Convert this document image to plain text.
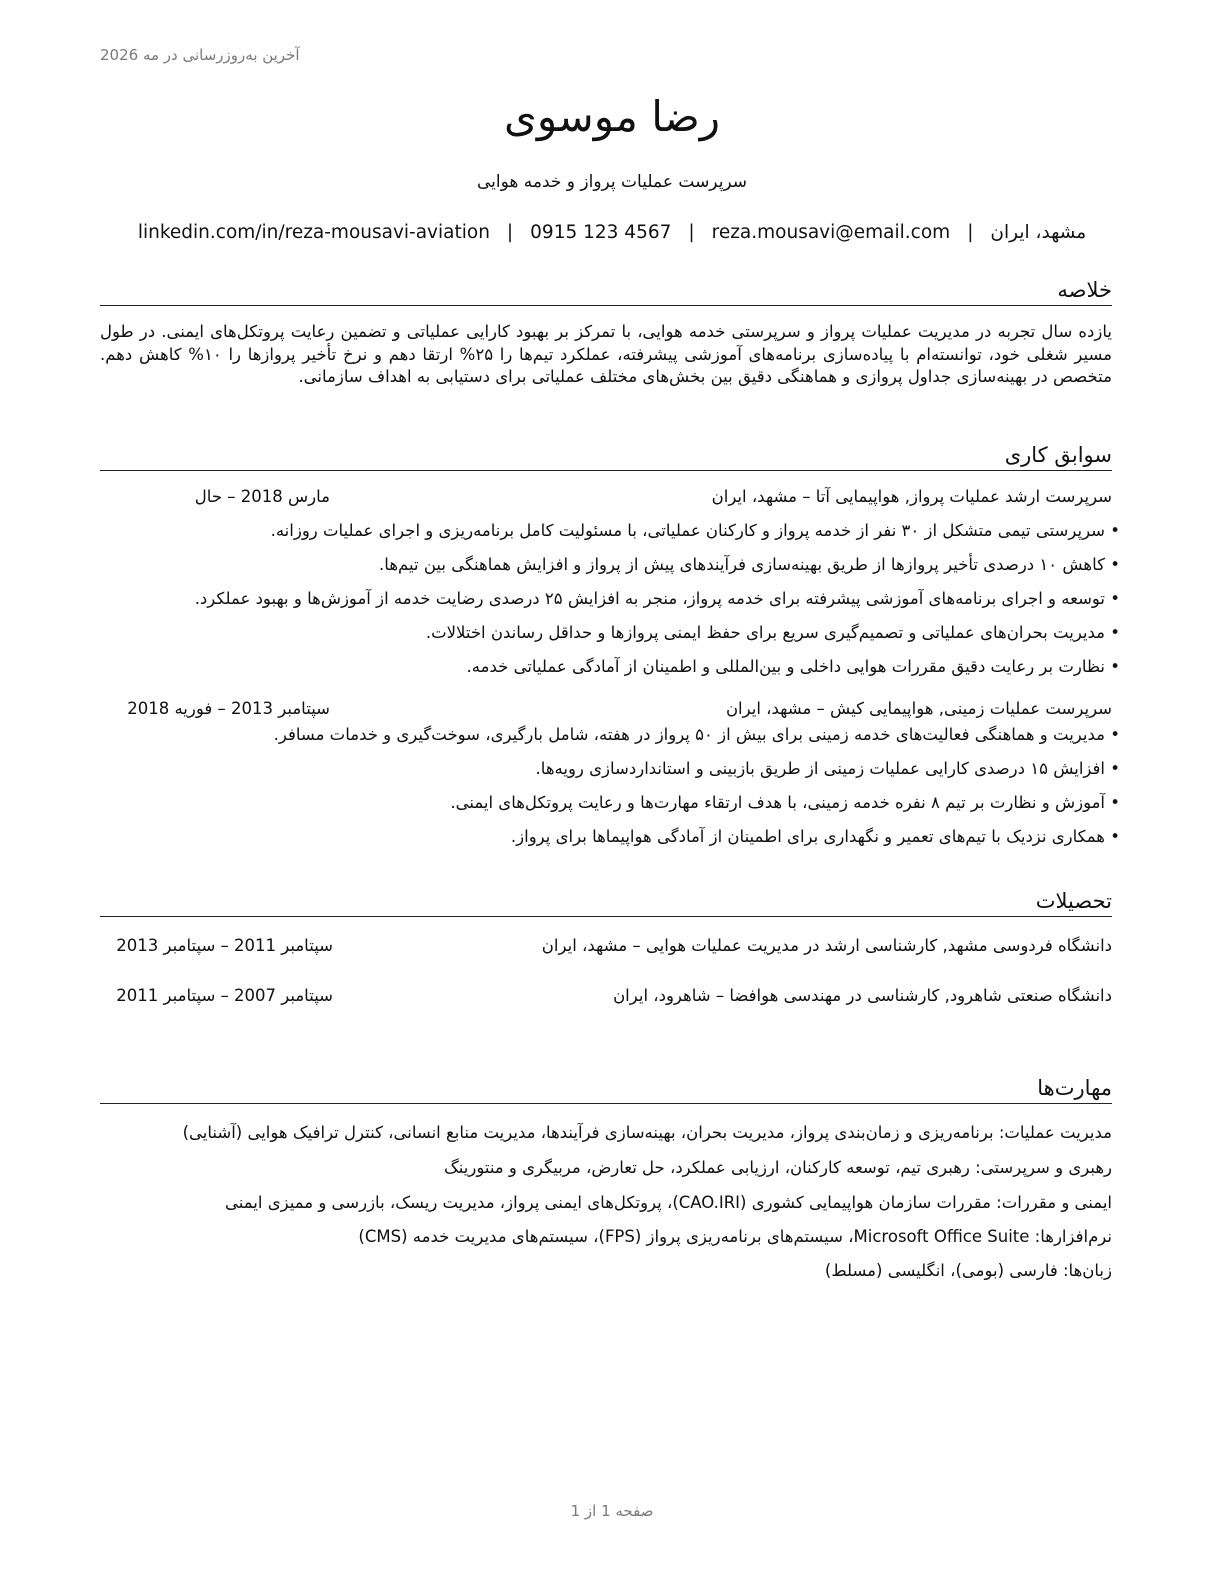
آخرین به‌روزرسانی در مه 2026
رضا موسوی
سرپرست عملیات پرواز و خدمه هوایی
مشهد، ایران
|
reza.mousavi@email.com
|
0915 123 4567
|
linkedin.com/in/reza-mousavi-aviation
خلاصه
یازده سال تجربه در مدیریت عملیات پرواز و سرپرستی خدمه هوایی، با تمرکز بر بهبود کارایی عملیاتی و تضمین رعایت پروتکل‌های ایمنی. در طول مسیر شغلی خود، توانسته‌ام با پیاده‌سازی برنامه‌های آموزشی پیشرفته، عملکرد تیم‌ها را ۲۵% ارتقا دهم و نرخ تأخیر پروازها را ۱۰% کاهش دهم. متخصص در بهینه‌سازی جداول پروازی و هماهنگی دقیق بین بخش‌های مختلف عملیاتی برای دستیابی به اهداف سازمانی.
سوابق کاری
سرپرست ارشد عملیات پرواز, هواپیمایی آتا – مشهد، ایران
مارس 2018 – حال
• سرپرستی تیمی متشکل از ۳۰ نفر از خدمه پرواز و کارکنان عملیاتی، با مسئولیت کامل برنامه‌ریزی و اجرای عملیات روزانه.
• کاهش ۱۰ درصدی تأخیر پروازها از طریق بهینه‌سازی فرآیندهای پیش از پرواز و افزایش هماهنگی بین تیم‌ها.
• توسعه و اجرای برنامه‌های آموزشی پیشرفته برای خدمه پرواز، منجر به افزایش ۲۵ درصدی رضایت خدمه از آموزش‌ها و بهبود عملکرد.
• مدیریت بحران‌های عملیاتی و تصمیم‌گیری سریع برای حفظ ایمنی پروازها و حداقل رساندن اختلالات.
• نظارت بر رعایت دقیق مقررات هوایی داخلی و بین‌المللی و اطمینان از آمادگی عملیاتی خدمه.
سرپرست عملیات زمینی, هواپیمایی کیش – مشهد، ایران
سپتامبر 2013 – فوریه 2018
• مدیریت و هماهنگی فعالیت‌های خدمه زمینی برای بیش از ۵۰ پرواز در هفته، شامل بارگیری، سوخت‌گیری و خدمات مسافر.
• افزایش ۱۵ درصدی کارایی عملیات زمینی از طریق بازبینی و استانداردسازی رویه‌ها.
• آموزش و نظارت بر تیم ۸ نفره خدمه زمینی، با هدف ارتقاء مهارت‌ها و رعایت پروتکل‌های ایمنی.
• همکاری نزدیک با تیم‌های تعمیر و نگهداری برای اطمینان از آمادگی هواپیماها برای پرواز.
تحصیلات
دانشگاه فردوسی مشهد, کارشناسی ارشد در مدیریت عملیات هوایی – مشهد، ایران
سپتامبر 2011 – سپتامبر 2013
دانشگاه صنعتی شاهرود, کارشناسی در مهندسی هوافضا – شاهرود، ایران
سپتامبر 2007 – سپتامبر 2011
مهارت‌ها

مدیریت عملیات: برنامه‌ریزی و زمان‌بندی پرواز، مدیریت بحران، بهینه‌سازی فرآیندها، مدیریت منابع انسانی، کنترل ترافیک هوایی (آشنایی)

رهبری و سرپرستی: رهبری تیم، توسعه کارکنان، ارزیابی عملکرد، حل تعارض، مربیگری و منتورینگ

ایمنی و مقررات: مقررات سازمان هواپیمایی کشوری (CAO.IRI)، پروتکل‌های ایمنی پرواز، مدیریت ریسک، بازرسی و ممیزی ایمنی

نرم‌افزارها: Microsoft Office Suite، سیستم‌های برنامه‌ریزی پرواز (FPS)، سیستم‌های مدیریت خدمه (CMS)

زبان‌ها: فارسی (بومی)، انگلیسی (مسلط)

صفحه 1 از 1
